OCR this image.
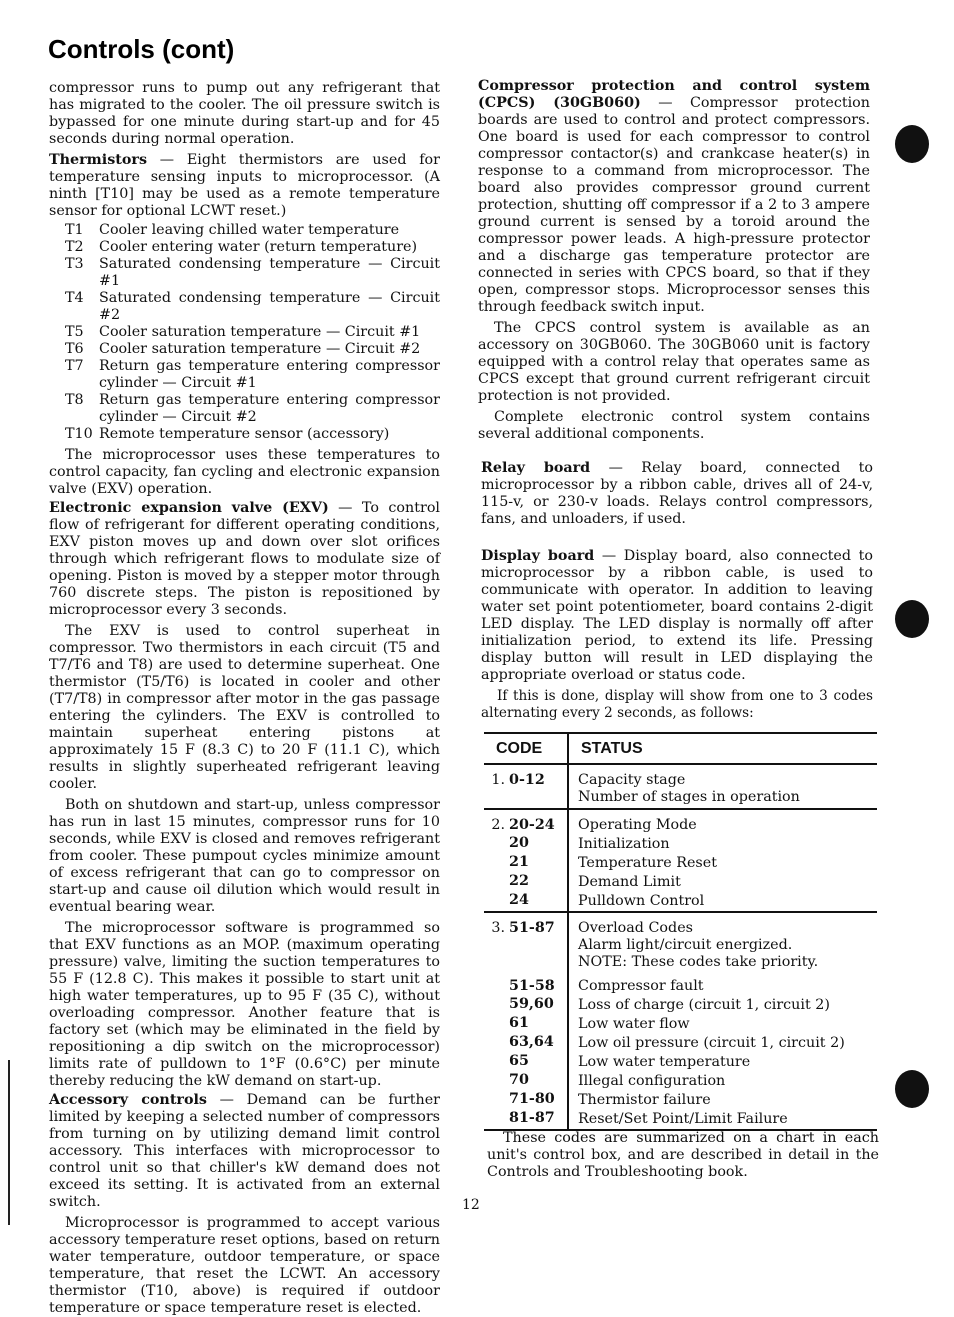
Controls (cont)

compressor runs to pump out any refrigerant that has migrated to the cooler. The oil pressure switch is bypassed for one minute during start-up and for 45 seconds during normal operation.

Thermistors — Eight thermistors are used for temperature sensing inputs to microprocessor. (A ninth [T10] may be used as a remote temperature sensor for optional LCWT reset.)

T1	Cooler leaving chilled water temperature
T2	Cooler entering water (return temperature)
T3	Saturated condensing temperature — Circuit #1
T4	Saturated condensing temperature — Circuit #2
T5	Cooler saturation temperature — Circuit #1
T6	Cooler saturation temperature — Circuit #2
T7	Return gas temperature entering compressor cylinder — Circuit #1
T8	Return gas temperature entering compressor cylinder — Circuit #2
T10 Remote temperature sensor (accessory)

The microprocessor uses these temperatures to control capacity, fan cycling and electronic expansion valve (EXV) operation.

Electronic expansion valve (EXV) — To control flow of refrigerant for different operating conditions, EXV piston moves up and down over slot orifices through which refrigerant flows to modulate size of opening. Piston is moved by a stepper motor through 760 discrete steps. The piston is repositioned by microprocessor every 3 seconds.

The EXV is used to control superheat in compressor. Two thermistors in each circuit (T5 and T7/T6 and T8) are used to determine superheat. One thermistor (T5/T6) is located in cooler and other (T7/T8) in compressor after motor in the gas passage entering the cylinders. The EXV is controlled to maintain superheat entering pistons at approximately 15 F (8.3 C) to 20 F (11.1 C), which results in slightly superheated refrigerant leaving cooler.

Both on shutdown and start-up, unless compressor has run in last 15 minutes, compressor runs for 10 seconds, while EXV is closed and removes refrigerant from cooler. These pumpout cycles minimize amount of excess refrigerant that can go to compressor on start-up and cause oil dilution which would result in eventual bearing wear.

The microprocessor software is programmed so that EXV functions as an MOP. (maximum operating pressure) valve, limiting the suction temperatures to 55 F (12.8 C). This makes it possible to start unit at high water temperatures, up to 95 F (35 C), without overloading compressor. Another feature that is factory set (which may be eliminated in the field by repositioning a dip switch on the microprocessor) limits rate of pulldown to 1°F (0.6°C) per minute thereby reducing the kW demand on start-up.

Accessory controls — Demand can be further limited by keeping a selected number of compressors from turning on by utilizing demand limit control accessory. This interfaces with microprocessor to control unit so that chiller's kW demand does not exceed its setting. It is activated from an external switch.

Microprocessor is programmed to accept various accessory temperature reset options, based on return water temperature, outdoor temperature, or space temperature, that reset the LCWT. An accessory thermistor (T10, above) is required if outdoor temperature or space temperature reset is elected.

Compressor protection and control system (CPCS) (30GB060) — Compressor protection boards are used to control and protect compressors. One board is used for each compressor to control compressor contactor(s) and crankcase heater(s) in response to a command from microprocessor. The board also provides compressor ground current protection, shutting off compressor if a 2 to 3 ampere ground current is sensed by a toroid around the compressor power leads. A high-pressure protector and a discharge gas temperature protector are connected in series with CPCS board, so that if they open, compressor stops. Microprocessor senses this through feedback switch input.

The CPCS control system is available as an accessory on 30GB060. The 30GB060 unit is factory equipped with a control relay that operates same as CPCS except that ground current refrigerant circuit protection is not provided.

Complete electronic control system contains several additional components.

Relay board — Relay board, connected to microprocessor by a ribbon cable, drives all of 24-v, 115-v, or 230-v loads. Relays control compressors, fans, and unloaders, if used.

Display board — Display board, also connected to microprocessor by a ribbon cable, is used to communicate with operator. In addition to leaving water set point potentiometer, board contains 2-digit LED display. The LED display is normally off after initialization period, to extend its life. Pressing display button will result in LED displaying the appropriate overload or status code.

If this is done, display will show from one to 3 codes alternating every 2 seconds, as follows:

CODE	STATUS
1. 0-12	Capacity stage
Number of stages in operation

2. 20-24	Operating Mode

20	Initialization
21	Temperature Reset
22	Demand Limit
24	Pulldown Control
3. 51-87	Overload Codes
Alarm light/circuit energized.
NOTE: These codes take priority.

51-58	Compressor fault
59,60	Loss of charge (circuit 1, circuit 2)
61	Low water flow
63,64	Low oil pressure (circuit 1, circuit 2)
65	Low water temperature
70	Illegal configuration
71-80	Thermistor failure
81-87	Reset/Set Point/Limit Failure

These codes are summarized on a chart in each unit's control box, and are described in detail in the Controls and Troubleshooting book.

12
